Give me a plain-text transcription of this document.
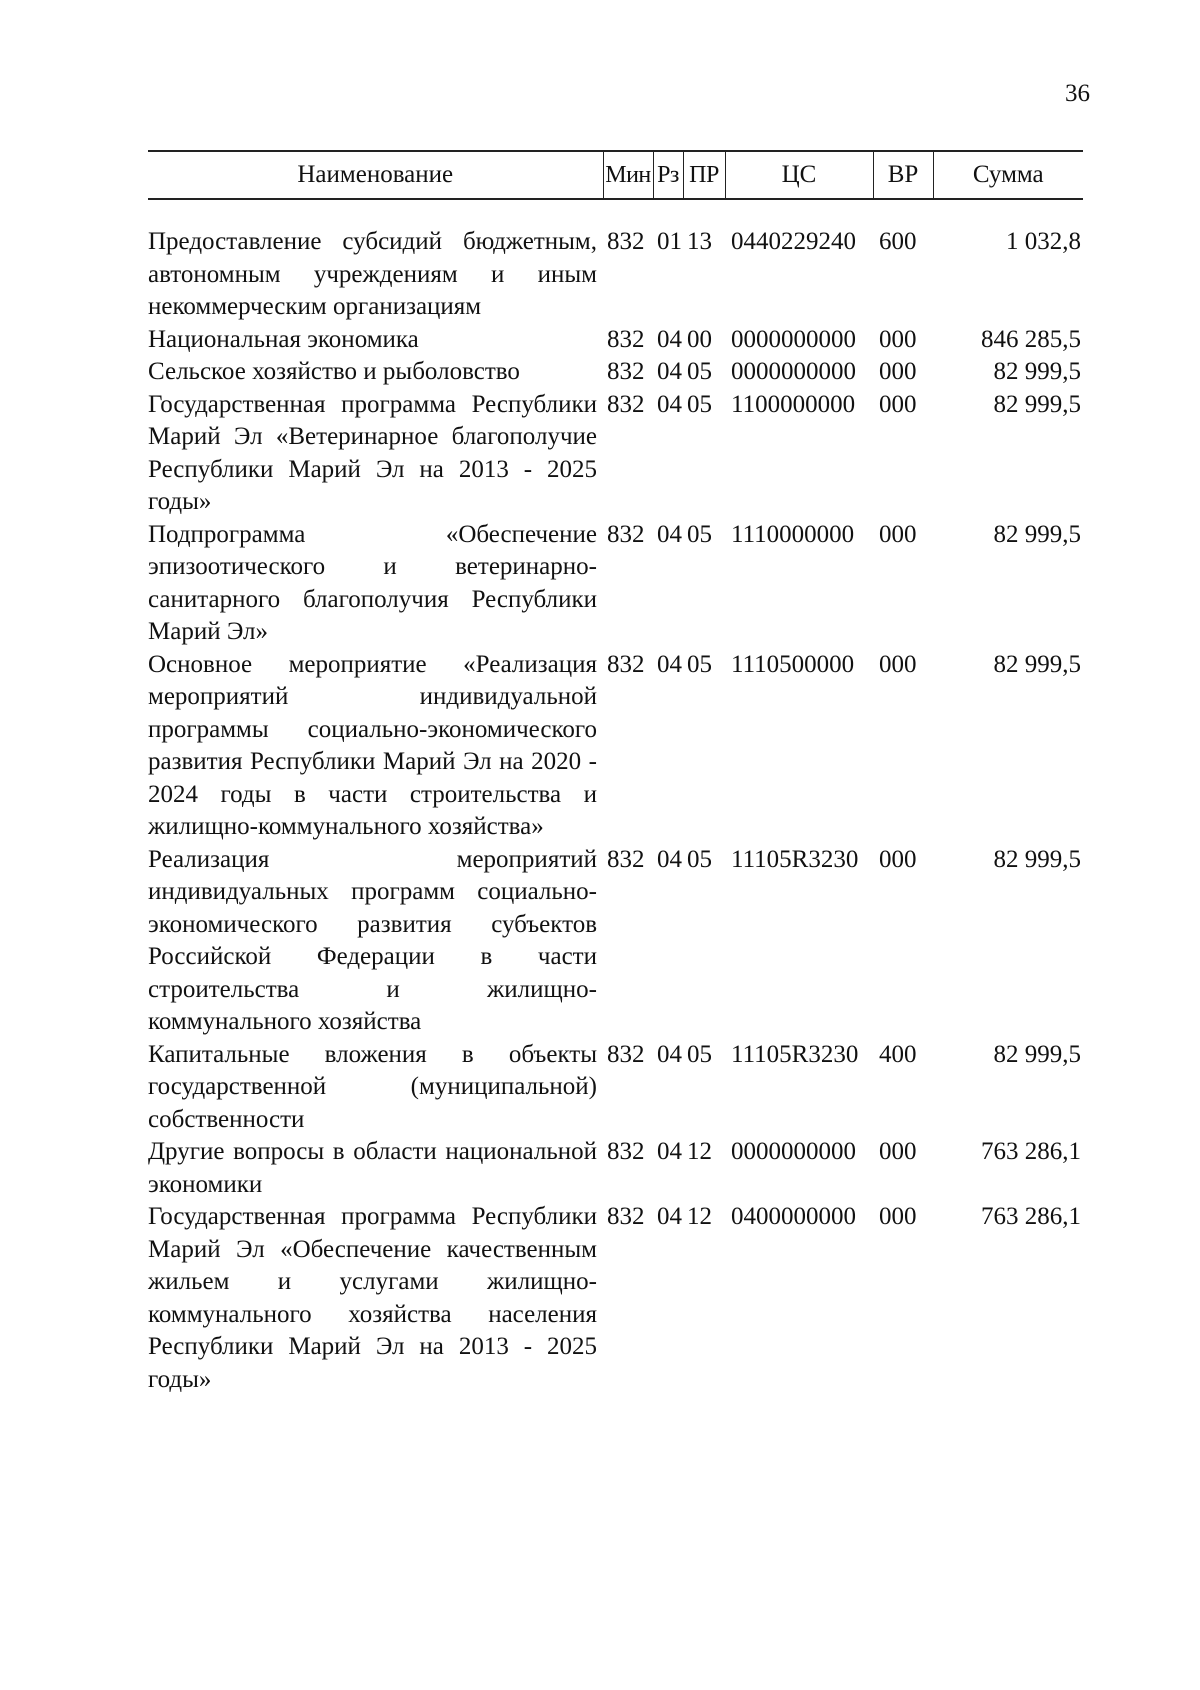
36
Наименование	Мин	Рз	ПР	ЦС	ВР	Сумма

Предоставление субсидий бюджетным, автономным учреждениям и иным некоммерческим организациям	832	01	13	0440229240	600	1 032,8
Национальная экономика	832	04	00	0000000000	000	846 285,5
Сельское хозяйство и рыболовство	832	04	05	0000000000	000	82 999,5
Государственная программа Республики Марий Эл «Ветеринарное благополучие Республики Марий Эл на 2013 - 2025 годы»	832	04	05	1100000000	000	82 999,5
Подпрограмма «Обеспечение эпизоотического и ветеринарно-санитарного благополучия Республики Марий Эл»	832	04	05	1110000000	000	82 999,5
Основное мероприятие «Реализация мероприятий индивидуальной программы социально-экономического развития Республики Марий Эл на 2020 - 2024 годы в части строительства и жилищно-коммунального хозяйства»	832	04	05	1110500000	000	82 999,5
Реализация мероприятий индивидуальных программ социально-экономического развития субъектов Российской Федерации в части строительства и жилищно-коммунального хозяйства	832	04	05	11105R3230	000	82 999,5
Капитальные вложения в объекты государственной (муниципальной) собственности	832	04	05	11105R3230	400	82 999,5
Другие вопросы в области национальной экономики	832	04	12	0000000000	000	763 286,1
Государственная программа Республики Марий Эл «Обеспечение качественным жильем и услугами жилищно-коммунального хозяйства населения Республики Марий Эл на 2013 - 2025 годы»	832	04	12	0400000000	000	763 286,1
